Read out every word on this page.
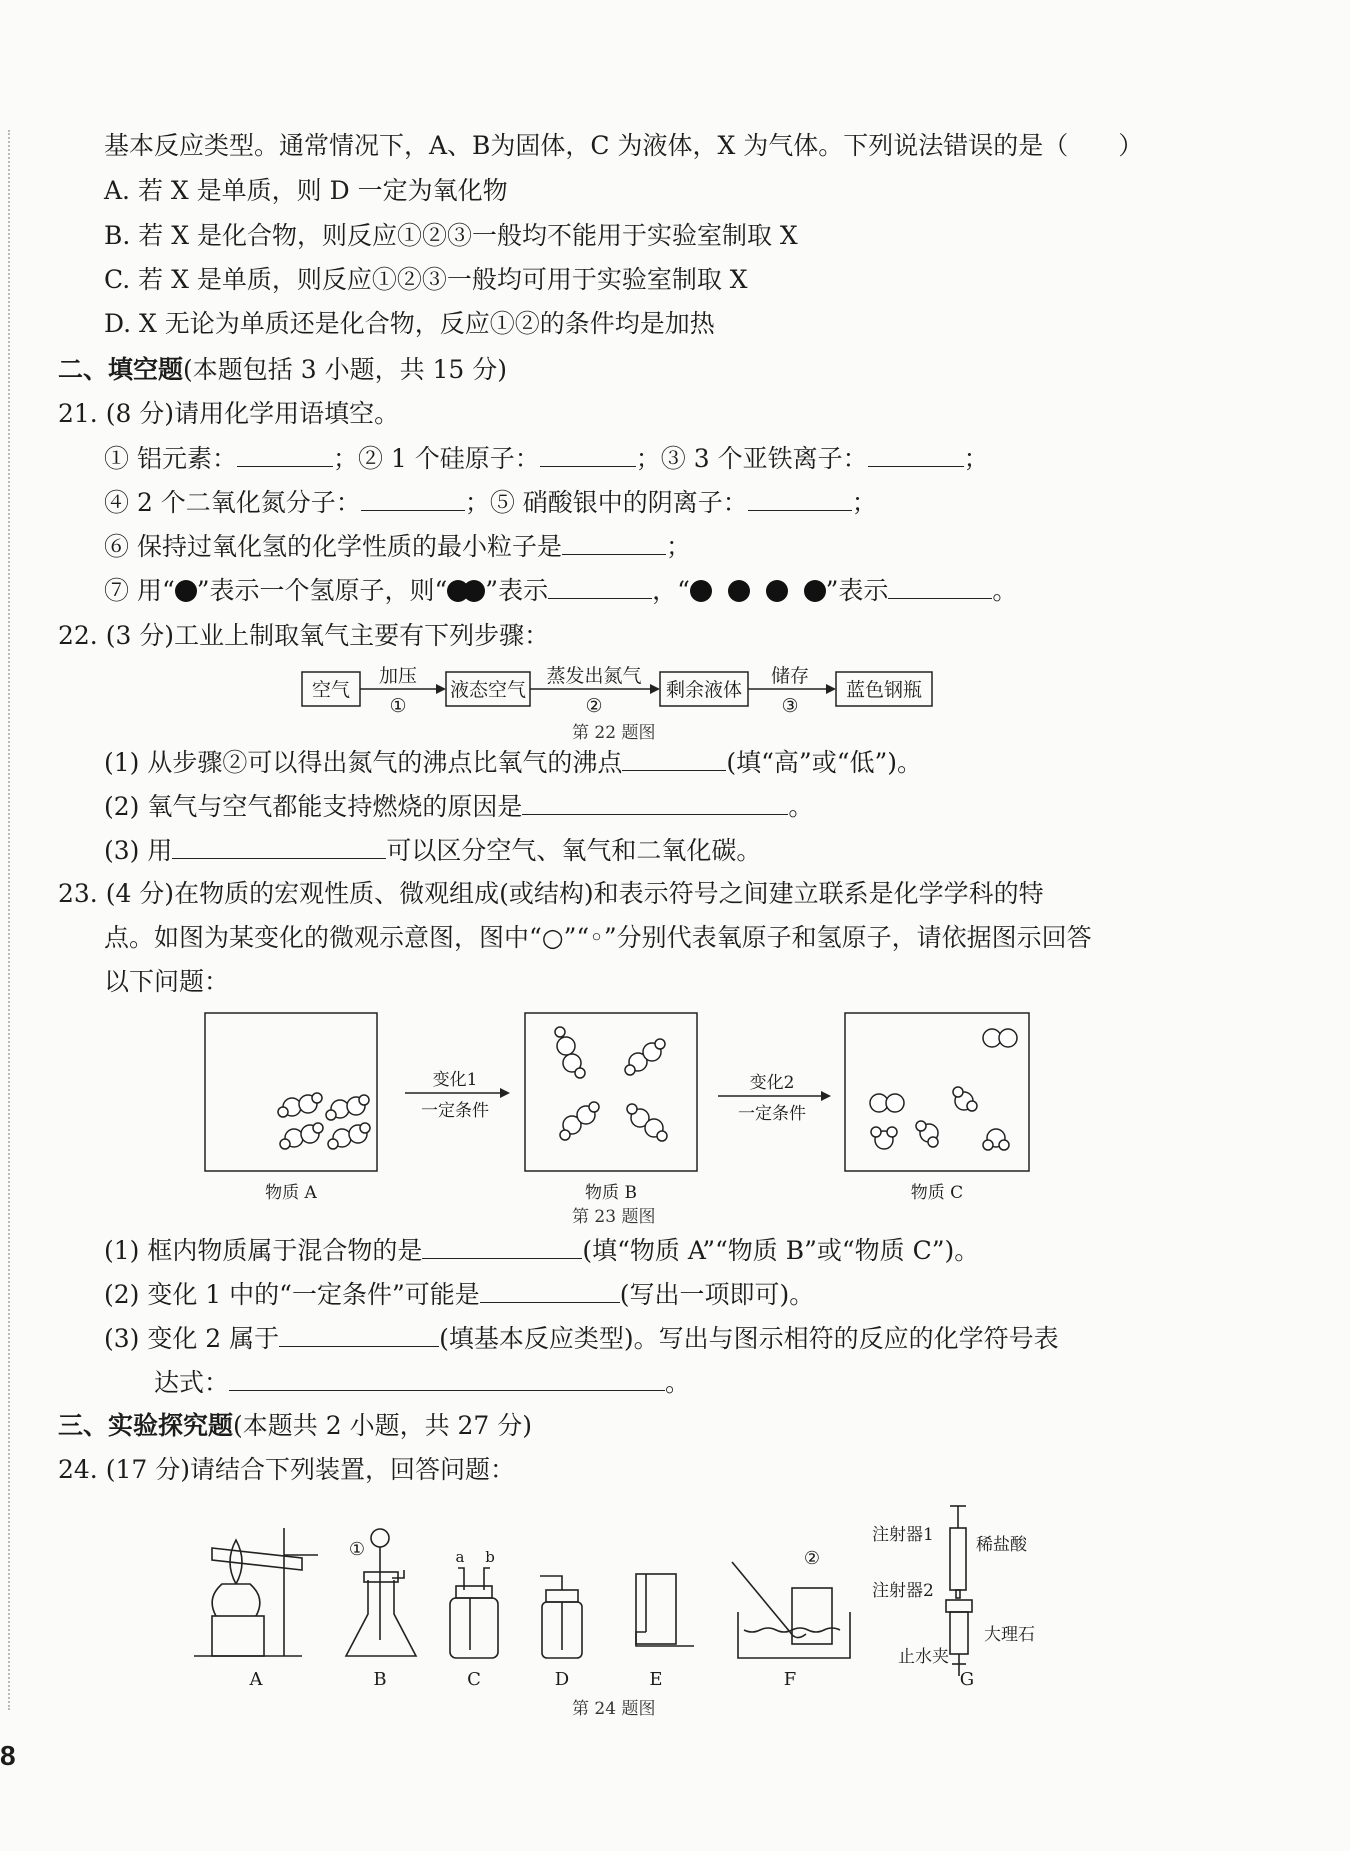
基本反应类型。通常情况下，A、B为固体，C 为液体，X 为气体。下列说法错误的是（　　）
A. 若 X 是单质，则 D 一定为氧化物
B. 若 X 是化合物，则反应①②③一般均不能用于实验室制取 X
C. 若 X 是单质，则反应①②③一般均可用于实验室制取 X
D. X 无论为单质还是化合物，反应①②的条件均是加热
二、填空题(本题包括 3 小题，共 15 分)
21. (8 分)请用化学用语填空。
① 铝元素：	；② 1 个硅原子：	；③ 3 个亚铁离子：	；
④ 2 个二氧化氮分子：	；⑤ 硝酸银中的阴离子：	；
⑥ 保持过氧化氢的化学性质的最小粒子是	；
⑦ 用“ ”表示一个氢原子，则“ ”表示	，“	”表示	。
22. (3 分)工业上制取氧气主要有下列步骤：
空气	液态空气	剩余液体	蓝色钢瓶
加压
①
蒸发出氮气
②
储存
③
第 22 题图
(1) 从步骤②可以得出氮气的沸点比氧气的沸点	(填“高”或“低”)。
(2) 氧气与空气都能支持燃烧的原因是	。
(3) 用	可以区分空气、氧气和二氧化碳。
23. (4 分)在物质的宏观性质、微观组成(或结构)和表示符号之间建立联系是化学学科的特
点。如图为某变化的微观示意图，图中“○”“◦”分别代表氧原子和氢原子，请依据图示回答
以下问题：
变化1
一定条件
变化2
一定条件
物质 A	物质 B	物质 C
第 23 题图
(1) 框内物质属于混合物的是	(填“物质 A”“物质 B”或“物质 C”)。
(2) 变化 1 中的“一定条件”可能是	(写出一项即可)。
(3) 变化 2 属于	(填基本反应类型)。写出与图示相符的反应的化学符号表
达式：	。
三、实验探究题(本题共 2 小题，共 27 分)
24. (17 分)请结合下列装置，回答问题：
A	B	C	D	E	F	G
①	②
a b
注射器1 稀盐酸
注射器2
大理石
止水夹
第 24 题图
8
